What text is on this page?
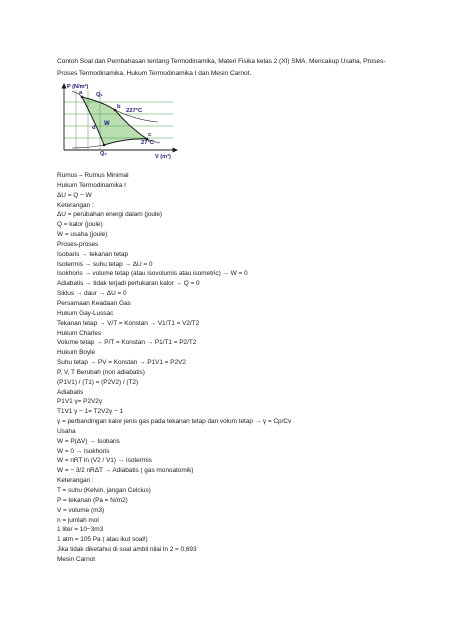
Contoh Soal dan Pembahasan tentang Termodinamika, Materi Fisika kelas 2 (XI) SMA. Mencakup Usaha, Proses-Proses Termodinamika, Hukum Termodinamika I dan Mesin Carnot.
P (N/m²)
V (m³)
a
b
c
d
Q₁
Q₂
W
227°C
27°C
Rumus – Rumus Minimal
Hukum Termodinamika I
ΔU = Q − W
Keterangan :
ΔU = perubahan energi dalam (joule)
Q = kalor (joule)
W = usaha (joule)
Proses-proses
Isobaris → tekanan tetap
Isotermis → suhu tetap → ΔU = 0
Isokhoris → volume tetap (atau isovolumis atau isometric) → W = 0
Adiabatis → tidak terjadi pertukaran kalor → Q = 0
Siklus → daur → ΔU = 0
Persamaan Keadaan Gas
Hukum Gay-Lussac
Tekanan tetap → V/T = Konstan → V1/T1 = V2/T2
Hukum Charles
Volume tetap → P/T = Konstan → P1/T1 = P2/T2
Hukum Boyle
Suhu tetap → PV = Konstan → P1V1 = P2V2
P, V, T Berubah (non adiabatis)
(P1V1) / (T1) = (P2V2) / (T2)
Adiabatis
P1V1 γ= P2V2γ
T1V1 γ − 1= T2V2γ − 1
γ = perbandingan kalor jenis gas pada tekanan tetap dan volum tetap → γ = Cp/Cv
Usaha
W = P(ΔV) → Isobaris
W = 0 → Isokhoris
W = nRT ln (V2 / V1) → Isotermis
W = − 3/2 nRΔT → Adiabatis ( gas monoatomik)
Keterangan :
T = suhu (Kelvin, jangan Celcius)
P = tekanan (Pa = N/m2)
V = volume (m3)
n = jumlah mol
1 liter = 10−3m3
1 atm = 105 Pa ( atau ikut soal!)
Jika tidak diketahui di soal ambil nilai ln 2 = 0,693
Mesin Carnot
